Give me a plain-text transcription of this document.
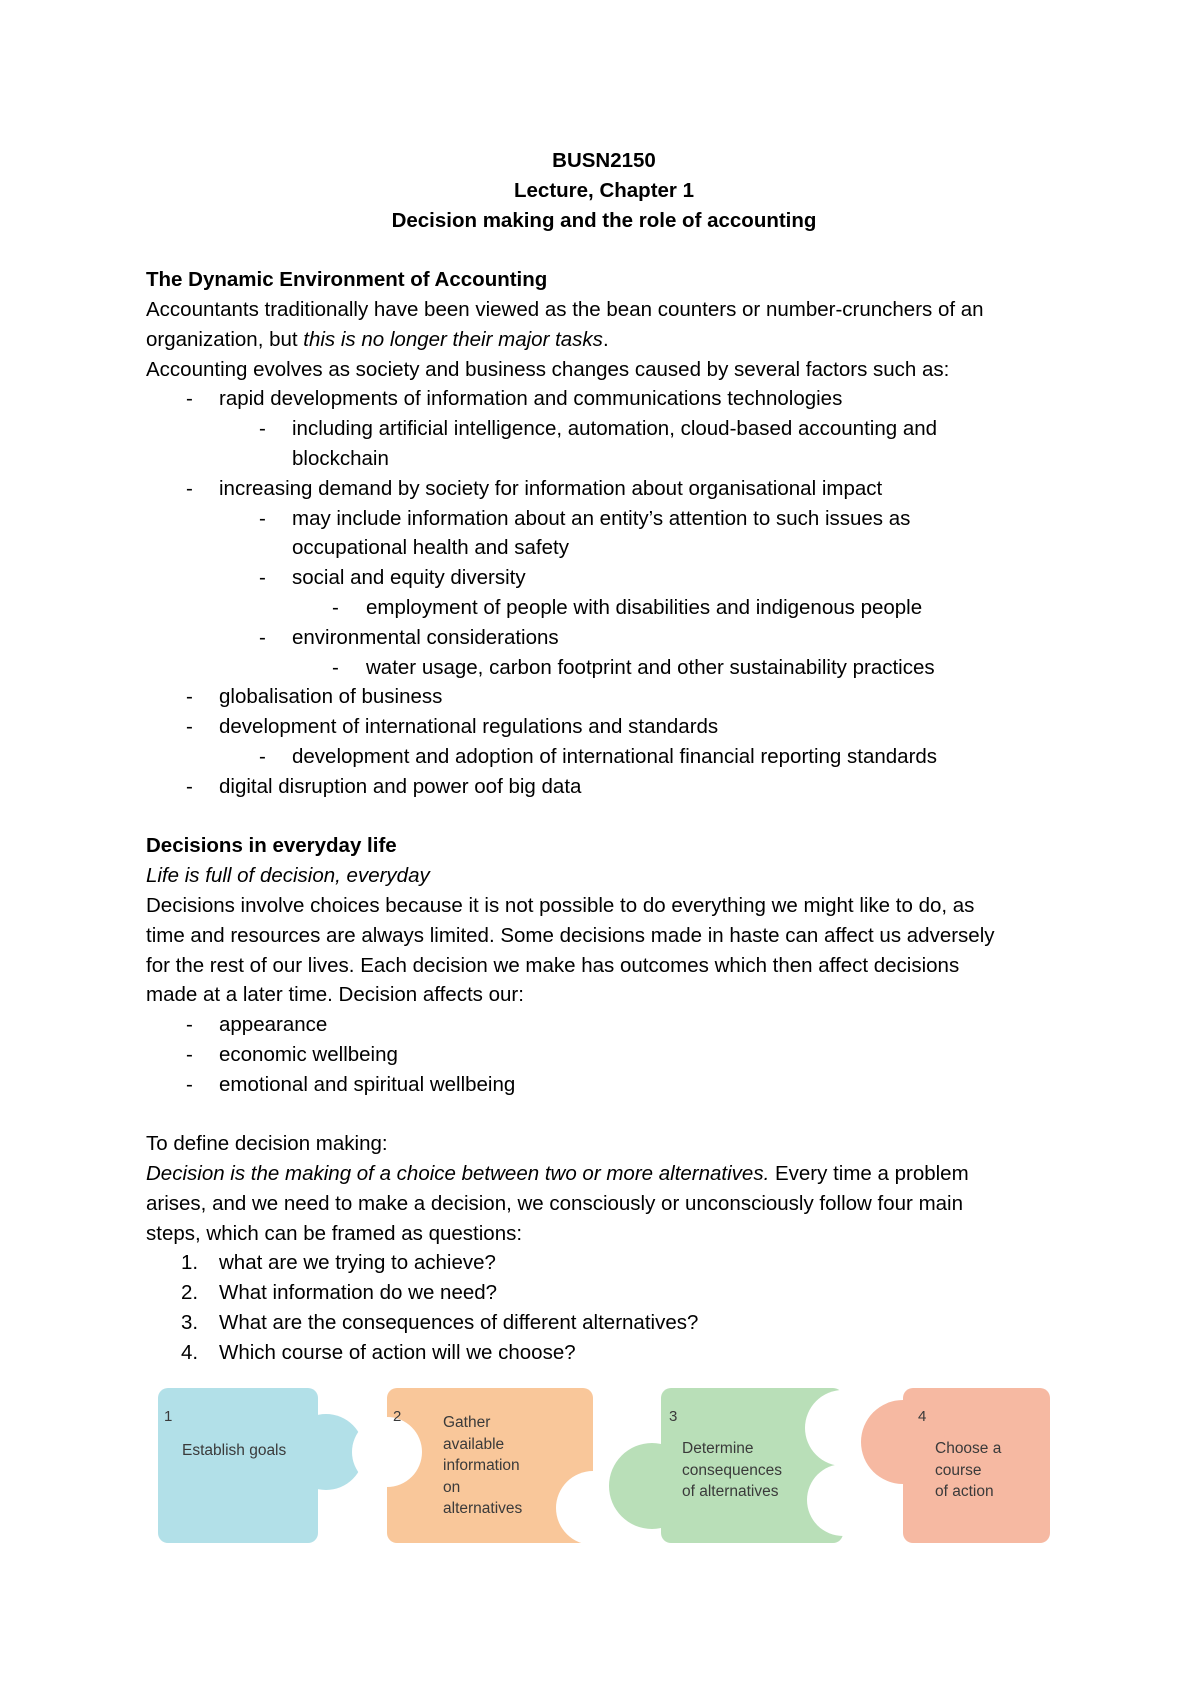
BUSN2150
Lecture, Chapter 1
Decision making and the role of accounting
The Dynamic Environment of Accounting
Accountants traditionally have been viewed as the bean counters or number-crunchers of an
organization, but this is no longer their major tasks.
Accounting evolves as society and business changes caused by several factors such as:
- rapid developments of information and communications technologies
- including artificial intelligence, automation, cloud-based accounting and
blockchain
- increasing demand by society for information about organisational impact
- may include information about an entity’s attention to such issues as
occupational health and safety
- social and equity diversity
- employment of people with disabilities and indigenous people
- environmental considerations
- water usage, carbon footprint and other sustainability practices
- globalisation of business
- development of international regulations and standards
- development and adoption of international financial reporting standards
- digital disruption and power oof big data
Decisions in everyday life
Life is full of decision, everyday
Decisions involve choices because it is not possible to do everything we might like to do, as
time and resources are always limited. Some decisions made in haste can affect us adversely
for the rest of our lives. Each decision we make has outcomes which then affect decisions
made at a later time. Decision affects our:
- appearance
- economic wellbeing
- emotional and spiritual wellbeing
To define decision making:
Decision is the making of a choice between two or more alternatives. Every time a problem
arises, and we need to make a decision, we consciously or unconsciously follow four main
steps, which can be framed as questions:
1. what are we trying to achieve?
2. What information do we need?
3. What are the consequences of different alternatives?
4. Which course of action will we choose?
1
Establish goals
2	Gather
available
information
on
alternatives
3
Determine
consequences
of alternatives
4
Choose a
course
of action
